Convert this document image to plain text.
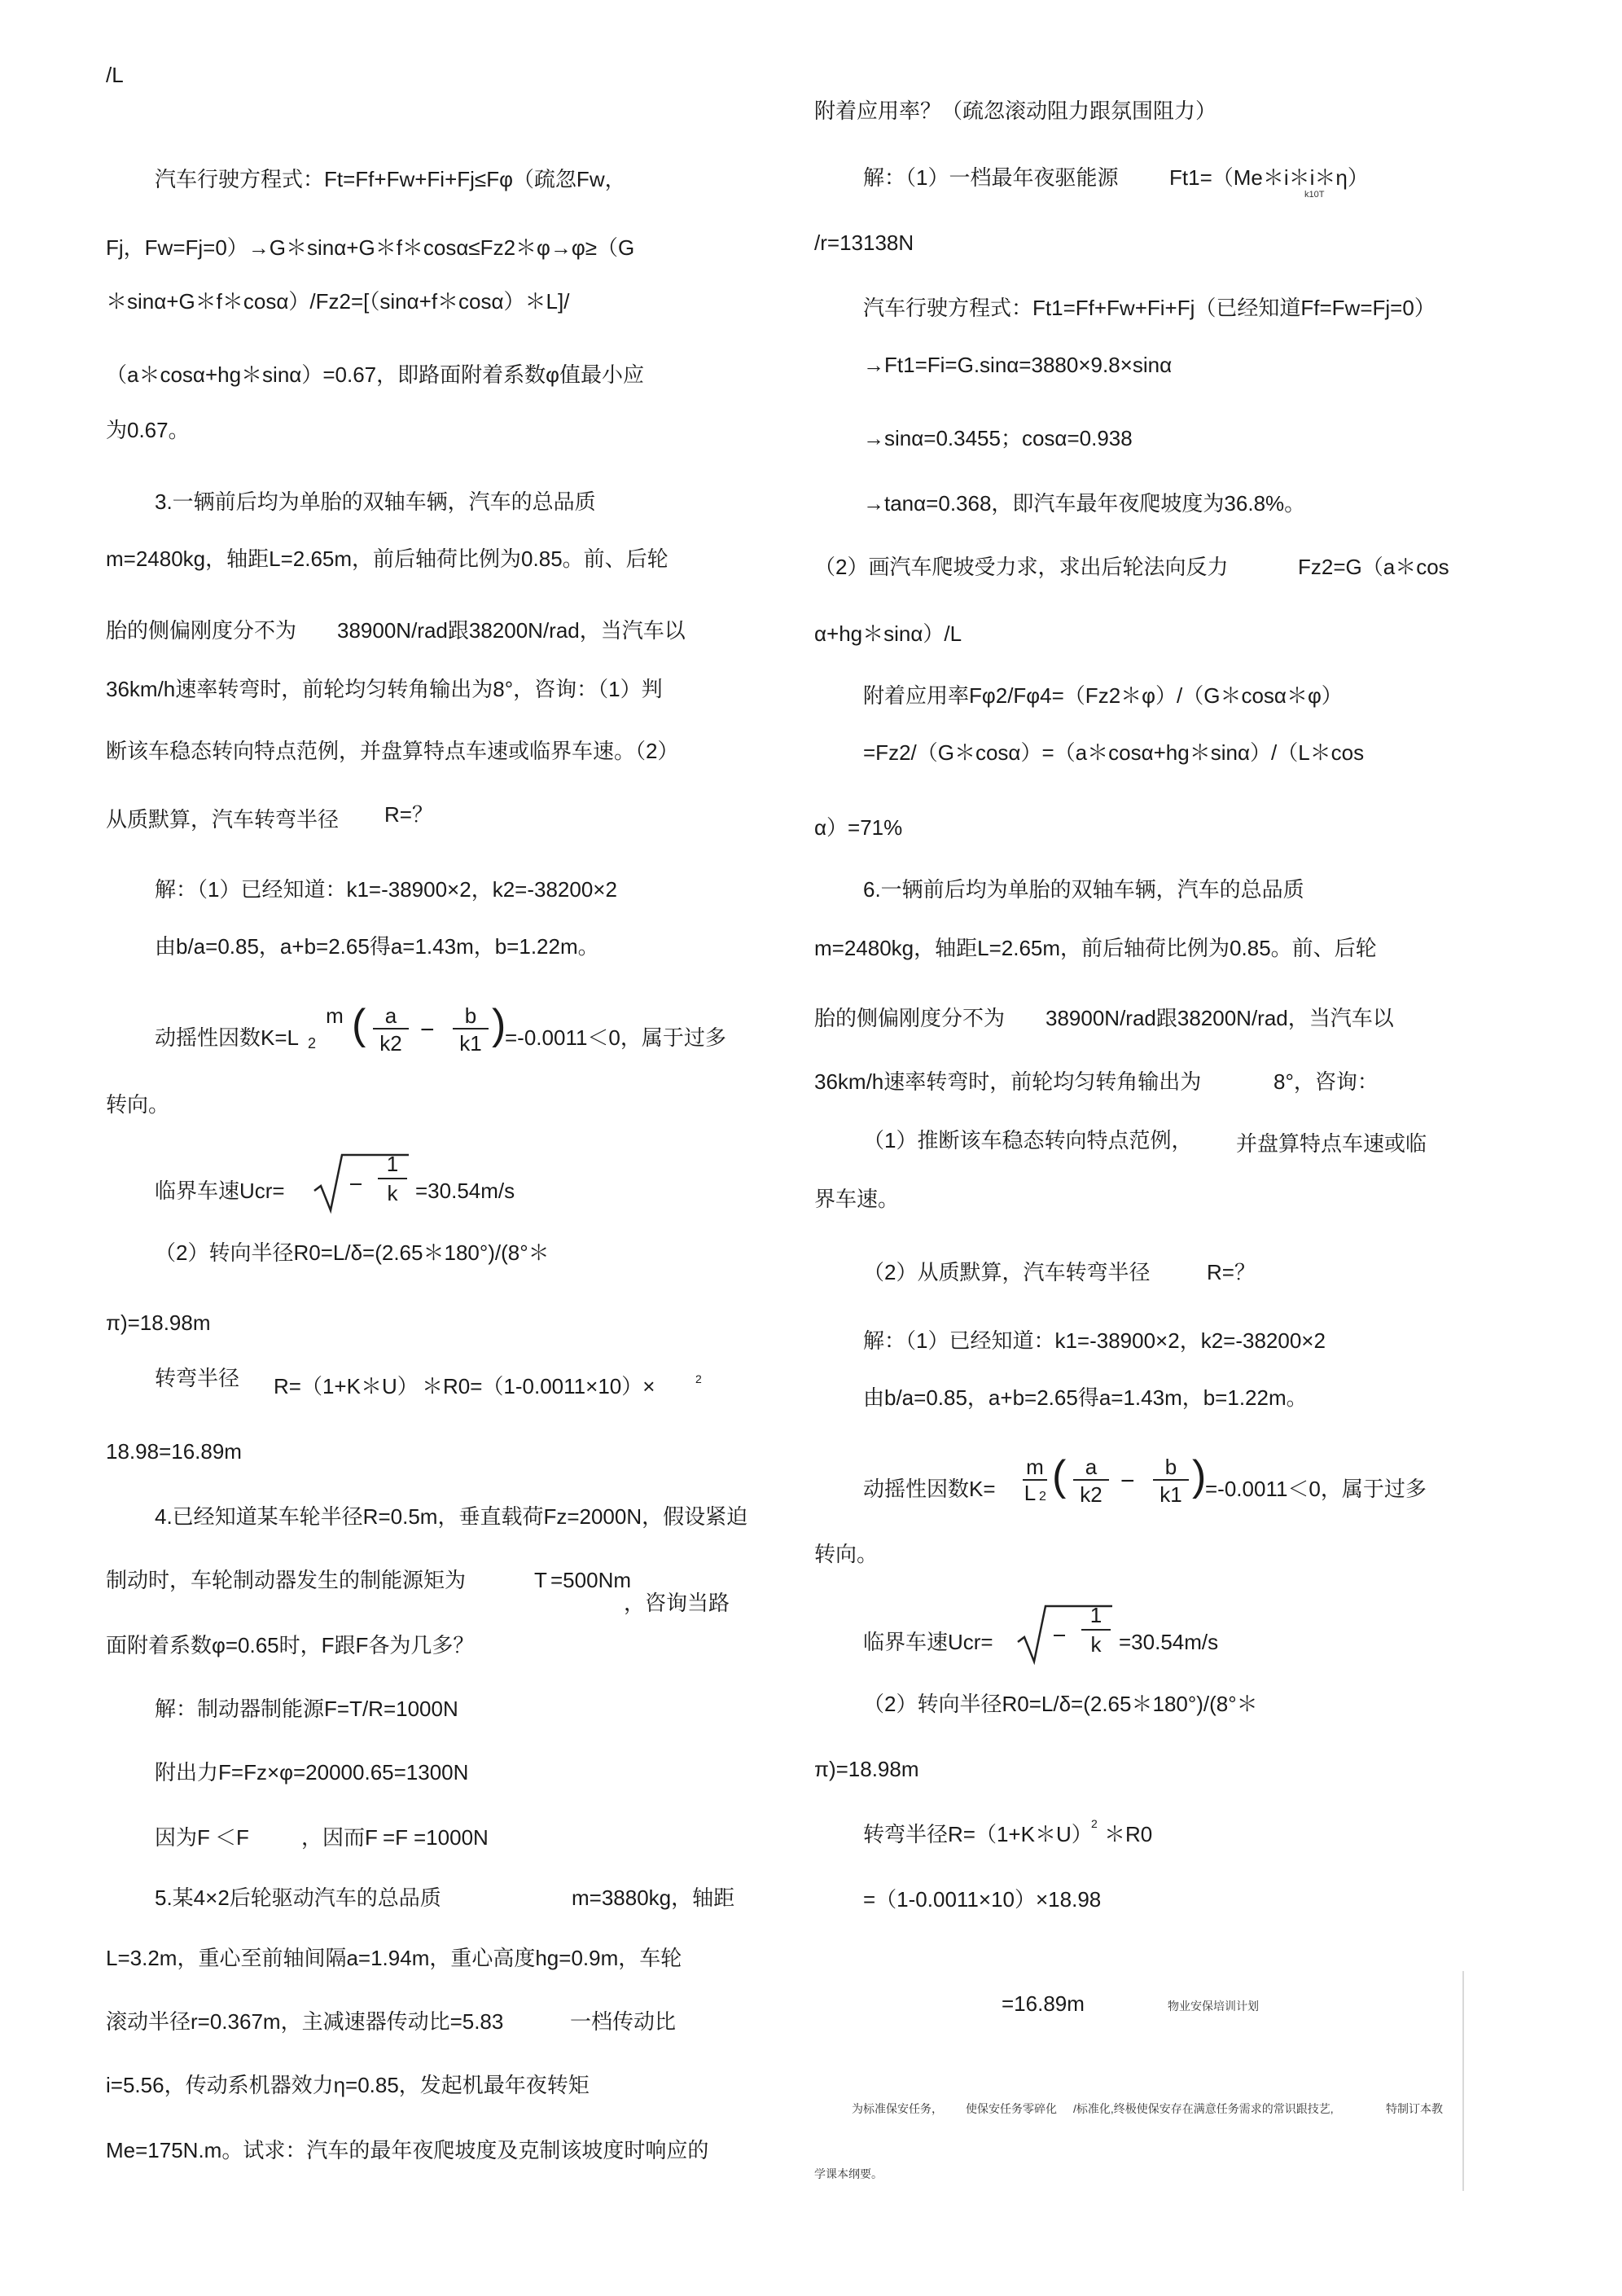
/L
汽车行驶方程式：Ft=Ff+Fw+Fi+Fj≤Fφ（疏忽Fw，
Fj，Fw=Fj=0）→G＊sinα+G＊f＊cosα≤Fz2＊φ→φ≥（G
＊sinα+G＊f＊cosα）/Fz2=[（sinα+f＊cosα）＊L]/
（a＊cosα+hg＊sinα）=0.67，即路面附着系数φ值最小应
为0.67。
3.一辆前后均为单胎的双轴车辆，汽车的总品质
m=2480kg，轴距L=2.65m，前后轴荷比例为0.85。前、后轮
胎的侧偏刚度分不为 38900N/rad跟38200N/rad，当汽车以
36km/h速率转弯时，前轮均匀转角输出为8°，咨询：（1）判
断该车稳态转向特点范例，并盘算特点车速或临界车速。（2）
从质默算，汽车转弯半径 R=？
解：（1）已经知道：k1=-38900×2，k2=-38200×2
由b/a=0.85，a+b=2.65得a=1.43m，b=1.22m。
动摇性因数K=L 2
m ( a
k2 −
b
k1 )
=-0.0011＜0，属于过多
转向。
临界车速Ucr=
1
k =30.54m/s
（2）转向半径R0=L/δ=(2.65＊180°)/(8°＊
π)=18.98m
转弯半径 R=（1+K＊U） ＊R0=（1-0.0011×10）×	2
18.98=16.89m
4.已经知道某车轮半径R=0.5m，垂直载荷Fz=2000N，假设紧迫
制动时，车轮制动器发生的制能源矩为	T =500Nm
，咨询当路
面附着系数φ=0.65时，F跟F各为几多？
解：制动器制能源F=T/R=1000N
附出力F=Fz×φ=20000.65=1300N
因为F ＜F ，因而F =F =1000N
5.某4×2后轮驱动汽车的总品质	m=3880kg，轴距
L=3.2m，重心至前轴间隔a=1.94m，重心高度hg=0.9m，车轮
滚动半径r=0.367m，主减速器传动比=5.83	一档传动比
i=5.56，传动系机器效力η=0.85，发起机最年夜转矩
Me=175N.m。试求：汽车的最年夜爬坡度及克制该坡度时响应的
附着应用率？（疏忽滚动阻力跟氛围阻力）
解：（1）一档最年夜驱能源 Ft1=（Me＊i＊i＊η）
k10T
/r=13138N
汽车行驶方程式：Ft1=Ff+Fw+Fi+Fj（已经知道Ff=Fw=Fj=0）
→Ft1=Fi=G.sinα=3880×9.8×sinα
→sinα=0.3455；cosα=0.938
→tanα=0.368，即汽车最年夜爬坡度为36.8%。
（2）画汽车爬坡受力求，求出后轮法向反力	Fz2=G（a＊cos
α+hg＊sinα）/L
附着应用率Fφ2/Fφ4=（Fz2＊φ）/（G＊cosα＊φ）
=Fz2/（G＊cosα）=（a＊cosα+hg＊sinα）/（L＊cos
α）=71%
6.一辆前后均为单胎的双轴车辆，汽车的总品质
m=2480kg，轴距L=2.65m，前后轴荷比例为0.85。前、后轮
胎的侧偏刚度分不为 38900N/rad跟38200N/rad，当汽车以
36km/h速率转弯时，前轮均匀转角输出为	8°，咨询：
（1）推断该车稳态转向特点范例， 并盘算特点车速或临
界车速。
（2）从质默算，汽车转弯半径	R=？
解：（1）已经知道：k1=-38900×2，k2=-38200×2
由b/a=0.85，a+b=2.65得a=1.43m，b=1.22m。
动摇性因数K=
m
L 2 ( a
k2 −
b
k1 )
=-0.0011＜0，属于过多
转向。
临界车速Ucr=
1
k =30.54m/s
（2）转向半径R0=L/δ=(2.65＊180°)/(8°＊
π)=18.98m
转弯半径R=（1+K＊U）
2 ＊R0
=（1-0.0011×10）×18.98
=16.89m	物业安保培训计划
为标准保安任务， 使保安任务零碎化 /标准化,终极使保安存在满意任务需求的常识跟技艺,	特制订本教
学课本纲要。
